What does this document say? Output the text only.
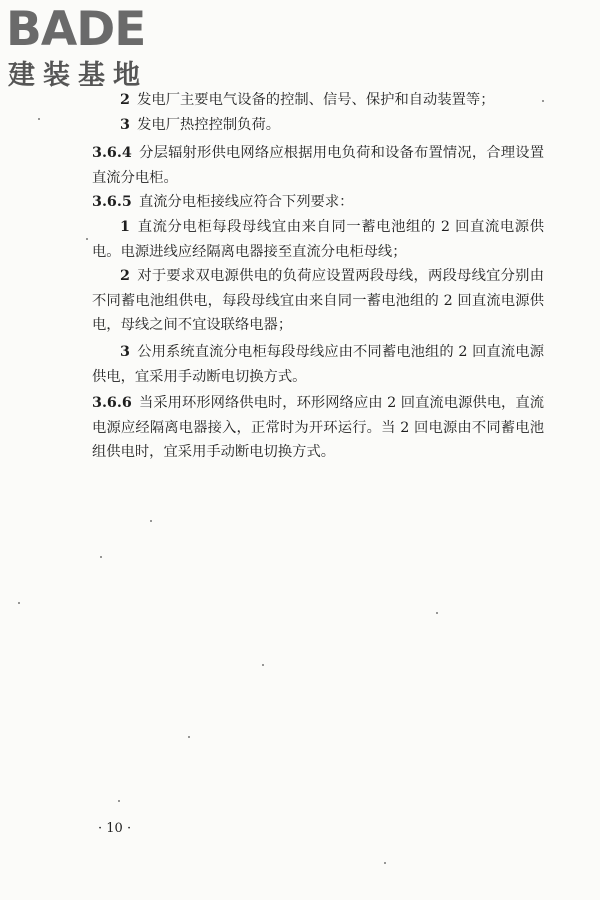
BADE
建装基地

2  发电厂主要电气设备的控制、信号、保护和自动装置等；

3  发电厂热控控制负荷。

3.6.4  分层辐射形供电网络应根据用电负荷和设备布置情况，合理设置直流分电柜。

3.6.5  直流分电柜接线应符合下列要求：

1  直流分电柜每段母线宜由来自同一蓄电池组的 2 回直流电源供电。电源进线应经隔离电器接至直流分电柜母线；

2  对于要求双电源供电的负荷应设置两段母线，两段母线宜分别由不同蓄电池组供电，每段母线宜由来自同一蓄电池组的 2 回直流电源供电，母线之间不宜设联络电器；

3  公用系统直流分电柜每段母线应由不同蓄电池组的 2 回直流电源供电，宜采用手动断电切换方式。

3.6.6  当采用环形网络供电时，环形网络应由 2 回直流电源供电，直流电源应经隔离电器接入，正常时为开环运行。当 2 回电源由不同蓄电池组供电时，宜采用手动断电切换方式。

· 10 ·
